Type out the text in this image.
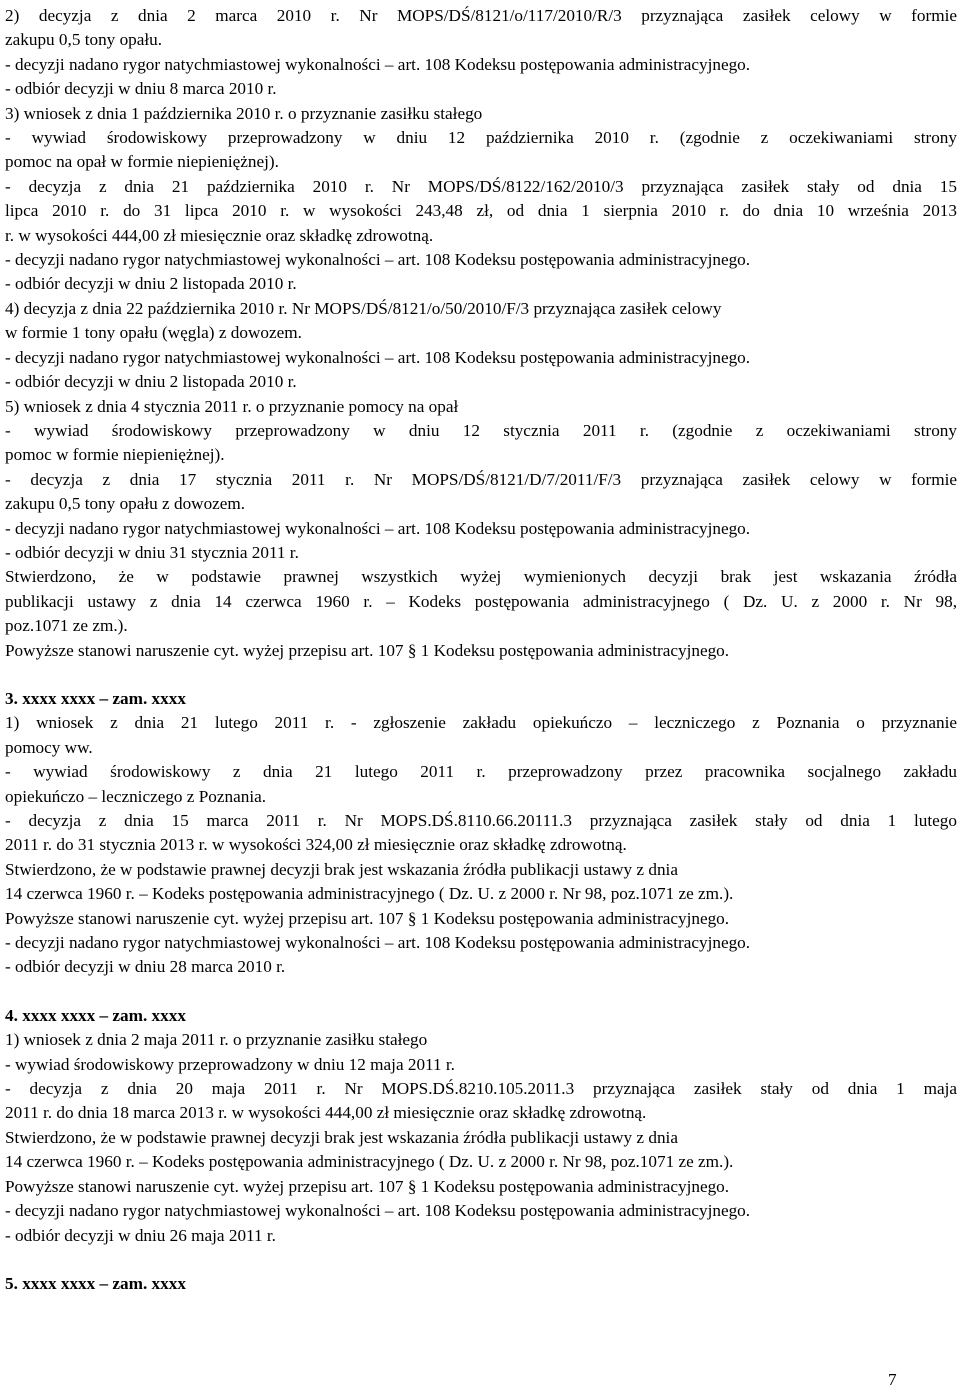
2) decyzja z dnia 2 marca 2010 r. Nr MOPS/DŚ/8121/o/117/2010/R/3 przyznająca zasiłek celowy w formie
zakupu 0,5 tony opału.
- decyzji nadano rygor natychmiastowej wykonalności – art. 108 Kodeksu postępowania administracyjnego.
- odbiór decyzji w dniu 8 marca 2010 r.
3) wniosek z dnia 1 października 2010 r. o przyznanie zasiłku stałego
- wywiad środowiskowy przeprowadzony w dniu 12 października 2010 r. (zgodnie z oczekiwaniami strony
pomoc na opał w formie niepieniężnej).
- decyzja z dnia 21 października 2010 r. Nr MOPS/DŚ/8122/162/2010/3 przyznająca zasiłek stały od dnia 15
lipca 2010 r. do 31 lipca 2010 r. w wysokości 243,48 zł, od dnia 1 sierpnia 2010 r. do dnia 10 września 2013
r. w wysokości 444,00 zł miesięcznie oraz składkę zdrowotną.
- decyzji nadano rygor natychmiastowej wykonalności – art. 108 Kodeksu postępowania administracyjnego.
- odbiór decyzji w dniu 2 listopada 2010 r.
4) decyzja z dnia 22 października 2010 r. Nr MOPS/DŚ/8121/o/50/2010/F/3 przyznająca zasiłek celowy
w formie 1 tony opału (węgla) z dowozem.
- decyzji nadano rygor natychmiastowej wykonalności – art. 108 Kodeksu postępowania administracyjnego.
- odbiór decyzji w dniu 2 listopada 2010 r.
5) wniosek z dnia 4 stycznia 2011 r. o przyznanie pomocy na opał
- wywiad środowiskowy przeprowadzony w dniu 12 stycznia 2011 r. (zgodnie z oczekiwaniami strony
pomoc w formie niepieniężnej).
- decyzja z dnia 17 stycznia 2011 r. Nr MOPS/DŚ/8121/D/7/2011/F/3 przyznająca zasiłek celowy w formie
zakupu 0,5 tony opału z dowozem.
- decyzji nadano rygor natychmiastowej wykonalności – art. 108 Kodeksu postępowania administracyjnego.
- odbiór decyzji w dniu 31 stycznia 2011 r.
Stwierdzono, że w podstawie prawnej wszystkich wyżej wymienionych decyzji brak jest wskazania źródła
publikacji ustawy z dnia 14 czerwca 1960 r. – Kodeks postępowania administracyjnego ( Dz. U. z 2000 r. Nr 98,
poz.1071 ze zm.).
Powyższe stanowi naruszenie cyt. wyżej przepisu art. 107 § 1 Kodeksu postępowania administracyjnego.
3. xxxx xxxx – zam. xxxx
1) wniosek z dnia 21 lutego 2011 r. - zgłoszenie zakładu opiekuńczo – leczniczego z Poznania o przyznanie
pomocy ww.
- wywiad środowiskowy z dnia 21 lutego 2011 r. przeprowadzony przez pracownika socjalnego zakładu
opiekuńczo – leczniczego z Poznania.
- decyzja z dnia 15 marca 2011 r. Nr MOPS.DŚ.8110.66.20111.3 przyznająca zasiłek stały od dnia 1 lutego
2011 r. do 31 stycznia 2013 r. w wysokości 324,00 zł miesięcznie oraz składkę zdrowotną.
Stwierdzono, że w podstawie prawnej decyzji brak jest wskazania źródła publikacji ustawy z dnia
14 czerwca 1960 r. – Kodeks postępowania administracyjnego ( Dz. U. z 2000 r. Nr 98, poz.1071 ze zm.).
Powyższe stanowi naruszenie cyt. wyżej przepisu art. 107 § 1 Kodeksu postępowania administracyjnego.
- decyzji nadano rygor natychmiastowej wykonalności – art. 108 Kodeksu postępowania administracyjnego.
- odbiór decyzji w dniu 28 marca 2010 r.
4. xxxx xxxx – zam. xxxx
1) wniosek z dnia 2 maja 2011 r. o przyznanie zasiłku stałego
- wywiad środowiskowy przeprowadzony w dniu 12 maja 2011 r.
- decyzja z dnia 20 maja 2011 r. Nr MOPS.DŚ.8210.105.2011.3 przyznająca zasiłek stały od dnia 1 maja
2011 r. do dnia 18 marca 2013 r. w wysokości 444,00 zł miesięcznie oraz składkę zdrowotną.
Stwierdzono, że w podstawie prawnej decyzji brak jest wskazania źródła publikacji ustawy z dnia
14 czerwca 1960 r. – Kodeks postępowania administracyjnego ( Dz. U. z 2000 r. Nr 98, poz.1071 ze zm.).
Powyższe stanowi naruszenie cyt. wyżej przepisu art. 107 § 1 Kodeksu postępowania administracyjnego.
- decyzji nadano rygor natychmiastowej wykonalności – art. 108 Kodeksu postępowania administracyjnego.
- odbiór decyzji w dniu 26 maja 2011 r.
5. xxxx xxxx – zam. xxxx
7
